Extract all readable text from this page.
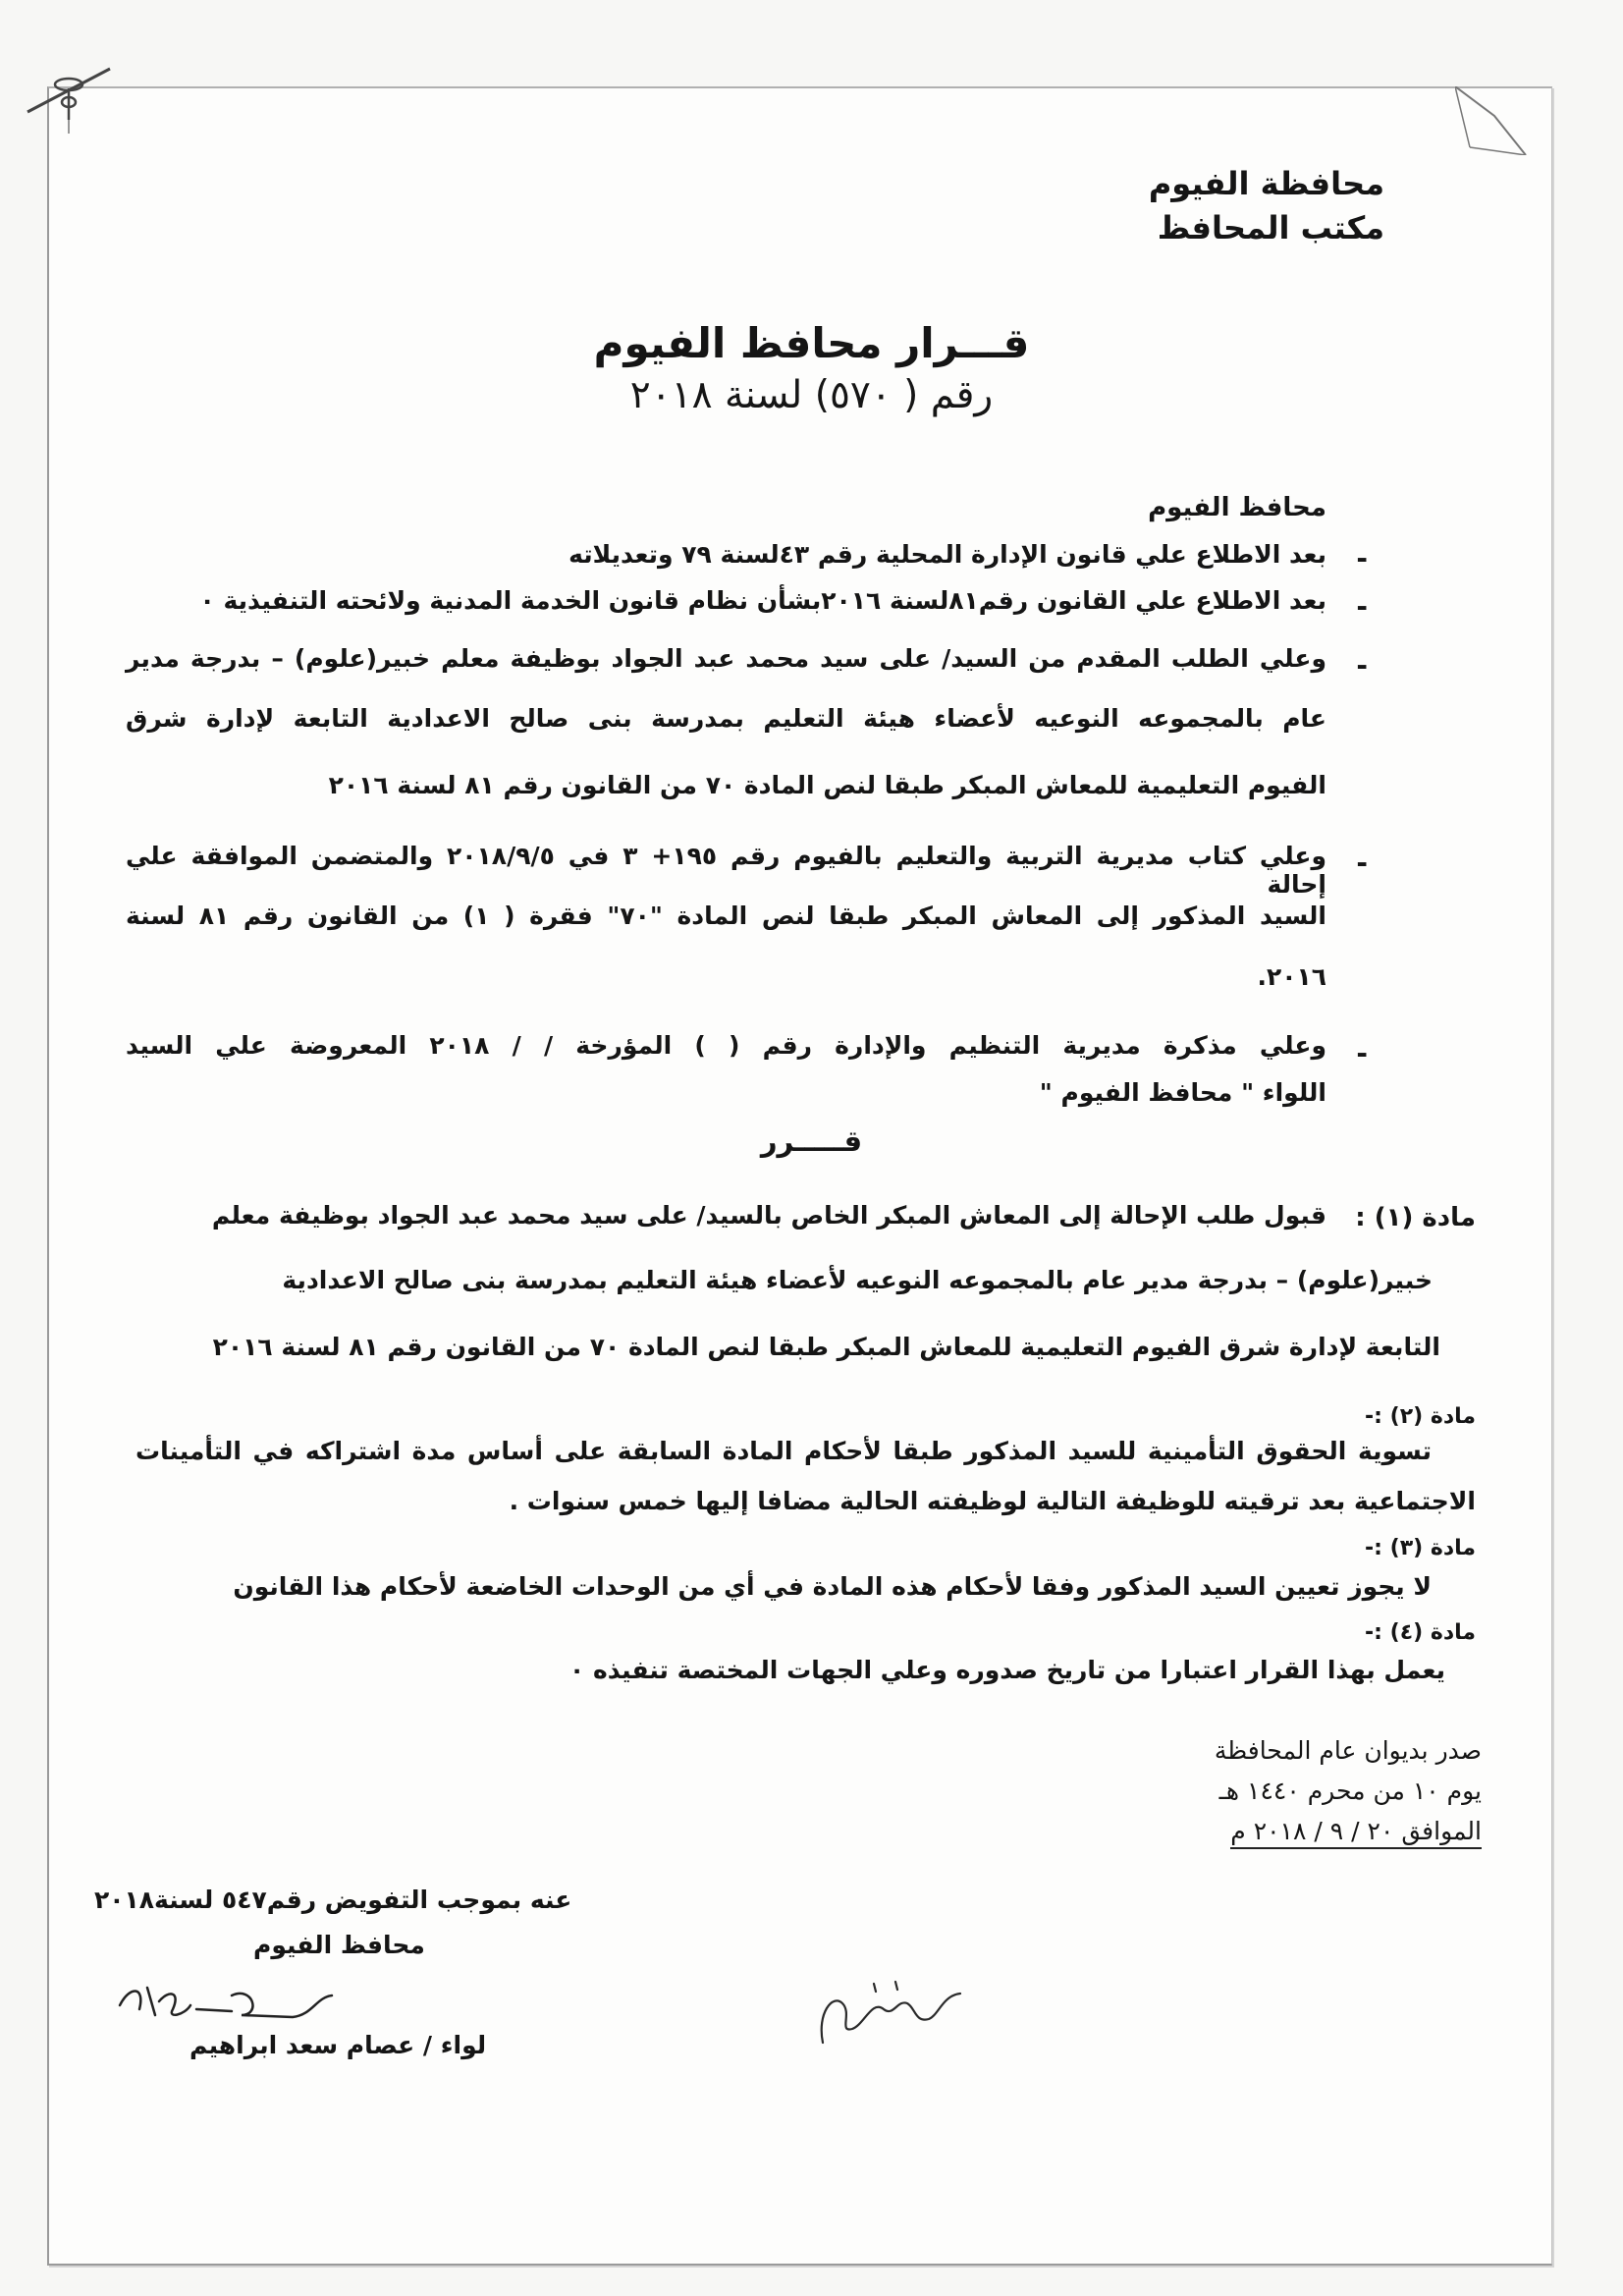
محافظة الفيوم
مكتب المحافظ
قـــرار محافظ الفيوم
رقم ( ٥٧٠) لسنة ٢٠١٨
محافظ الفيوم
-
بعد الاطلاع علي قانون الإدارة المحلية رقم ٤٣لسنة ٧٩ وتعديلاته
-
بعد الاطلاع علي القانون رقم٨١لسنة ٢٠١٦بشأن نظام قانون الخدمة المدنية ولائحته التنفيذية ٠
-
وعلي الطلب المقدم من السيد/ على سيد محمد عبد الجواد بوظيفة معلم خبير(علوم) – بدرجة مدير
عام بالمجموعه النوعيه لأعضاء هيئة التعليم بمدرسة بنى صالح الاعدادية التابعة لإدارة شرق
الفيوم التعليمية للمعاش المبكر طبقا لنص المادة ٧٠ من القانون رقم ٨١ لسنة ٢٠١٦
-
وعلي كتاب مديرية التربية والتعليم بالفيوم رقم ١٩٥+ ٣ في ٢٠١٨/٩/٥ والمتضمن الموافقة علي إحالة
السيد المذكور إلى المعاش المبكر طبقا لنص المادة "٧٠" فقرة ( ١) من القانون رقم ٨١ لسنة
٢٠١٦.
-
وعلي مذكرة مديرية التنظيم والإدارة رقم ( ) المؤرخة / / ٢٠١٨ المعروضة علي السيد
اللواء " محافظ الفيوم "
قـــــرر
مادة (١) :
قبول طلب الإحالة إلى المعاش المبكر الخاص بالسيد/ على سيد محمد عبد الجواد بوظيفة معلم
خبير(علوم) – بدرجة مدير عام بالمجموعه النوعيه لأعضاء هيئة التعليم بمدرسة بنى صالح الاعدادية
التابعة لإدارة شرق الفيوم التعليمية للمعاش المبكر طبقا لنص المادة ٧٠ من القانون رقم ٨١ لسنة ٢٠١٦
مادة (٢) :-
تسوية الحقوق التأمينية للسيد المذكور طبقا لأحكام المادة السابقة على أساس مدة اشتراكه في التأمينات
الاجتماعية بعد ترقيته للوظيفة التالية لوظيفته الحالية مضافا إليها خمس سنوات .
مادة (٣) :-
لا يجوز تعيين السيد المذكور وفقا لأحكام هذه المادة في أي من الوحدات الخاضعة لأحكام هذا القانون
مادة (٤) :-
يعمل بهذا القرار اعتبارا من تاريخ صدوره وعلي الجهات المختصة تنفيذه ٠
صدر بديوان عام المحافظة
يوم ١٠ من محرم ١٤٤٠ هـ
الموافق ٢٠ / ٩ / ٢٠١٨ م
عنه بموجب التفويض رقم٥٤٧ لسنة٢٠١٨
محافظ الفيوم
لواء / عصام سعد ابراهيم
